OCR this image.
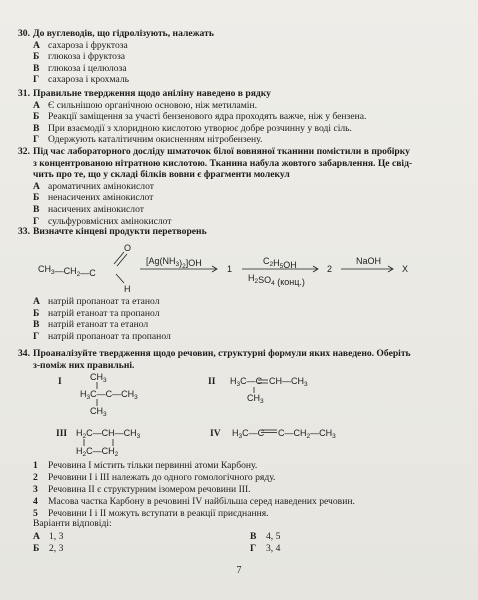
30. До вуглеводів, що гідролізують, належать
А сахароза і фруктоза
Б глюкоза і фруктоза
В глюкоза і целюлоза
Г сахароза і крохмаль
31. Правильне твердження щодо аніліну наведено в рядку
А Є сильнішою органічною основою, ніж метиламін.
Б Реакції заміщення за участі бензенового ядра проходять важче, ніж у бензена.
В При взаємодії з хлоридною кислотою утворює добре розчинну у воді сіль.
Г Одержують каталітичним окисненням нітробензену.
32. Під час лабораторного досліду шматочок білої вовняної тканини помістили в пробірку
з концентрованою нітратною кислотою. Тканина набула жовтого забарвлення. Це свід-
чить про те, що у складі білків вовни є фрагменти молекул
А ароматичних амінокислот
Б ненасичених амінокислот
В насичених амінокислот
Г сульфуровмісних амінокислот
33. Визначте кінцеві продукти перетворень
$CH_3—CH_2—C$
O
H
$[Ag(NH_3)_2]OH$
1
$C_2H_5OH$
$H_2SO_4$ (конц.)
2
NaOH
X
I	$CH_3$
$H_3C—C—CH_3$
$CH_3$
II $H_3C—C$ $CH—CH_3$
$CH_3$
III $H_2C—CH—CH_3$
$H_2C—CH_2$
IV $H_3C—C$ $C—CH_2—CH_3$
А натрій пропаноат та етанол
Б натрій етаноат та пропанол
В натрій етаноат та етанол
Г натрій пропаноат та пропанол
34. Проаналізуйте твердження щодо речовин, структурні формули яких наведено. Оберіть
з-поміж них правильні.
1	Речовина I містить тільки первинні атоми Карбону.
2	Речовини I і III належать до одного гомологічного ряду.
3	Речовина II є структурним ізомером речовини III.
4	Масова частка Карбону в речовині IV найбільша серед наведених речовин.
5	Речовини I і II можуть вступати в реакції приєднання.
Варіанти відповіді:
А 1, 3
Б	2, 3
В 4, 5
Г	3, 4
7
